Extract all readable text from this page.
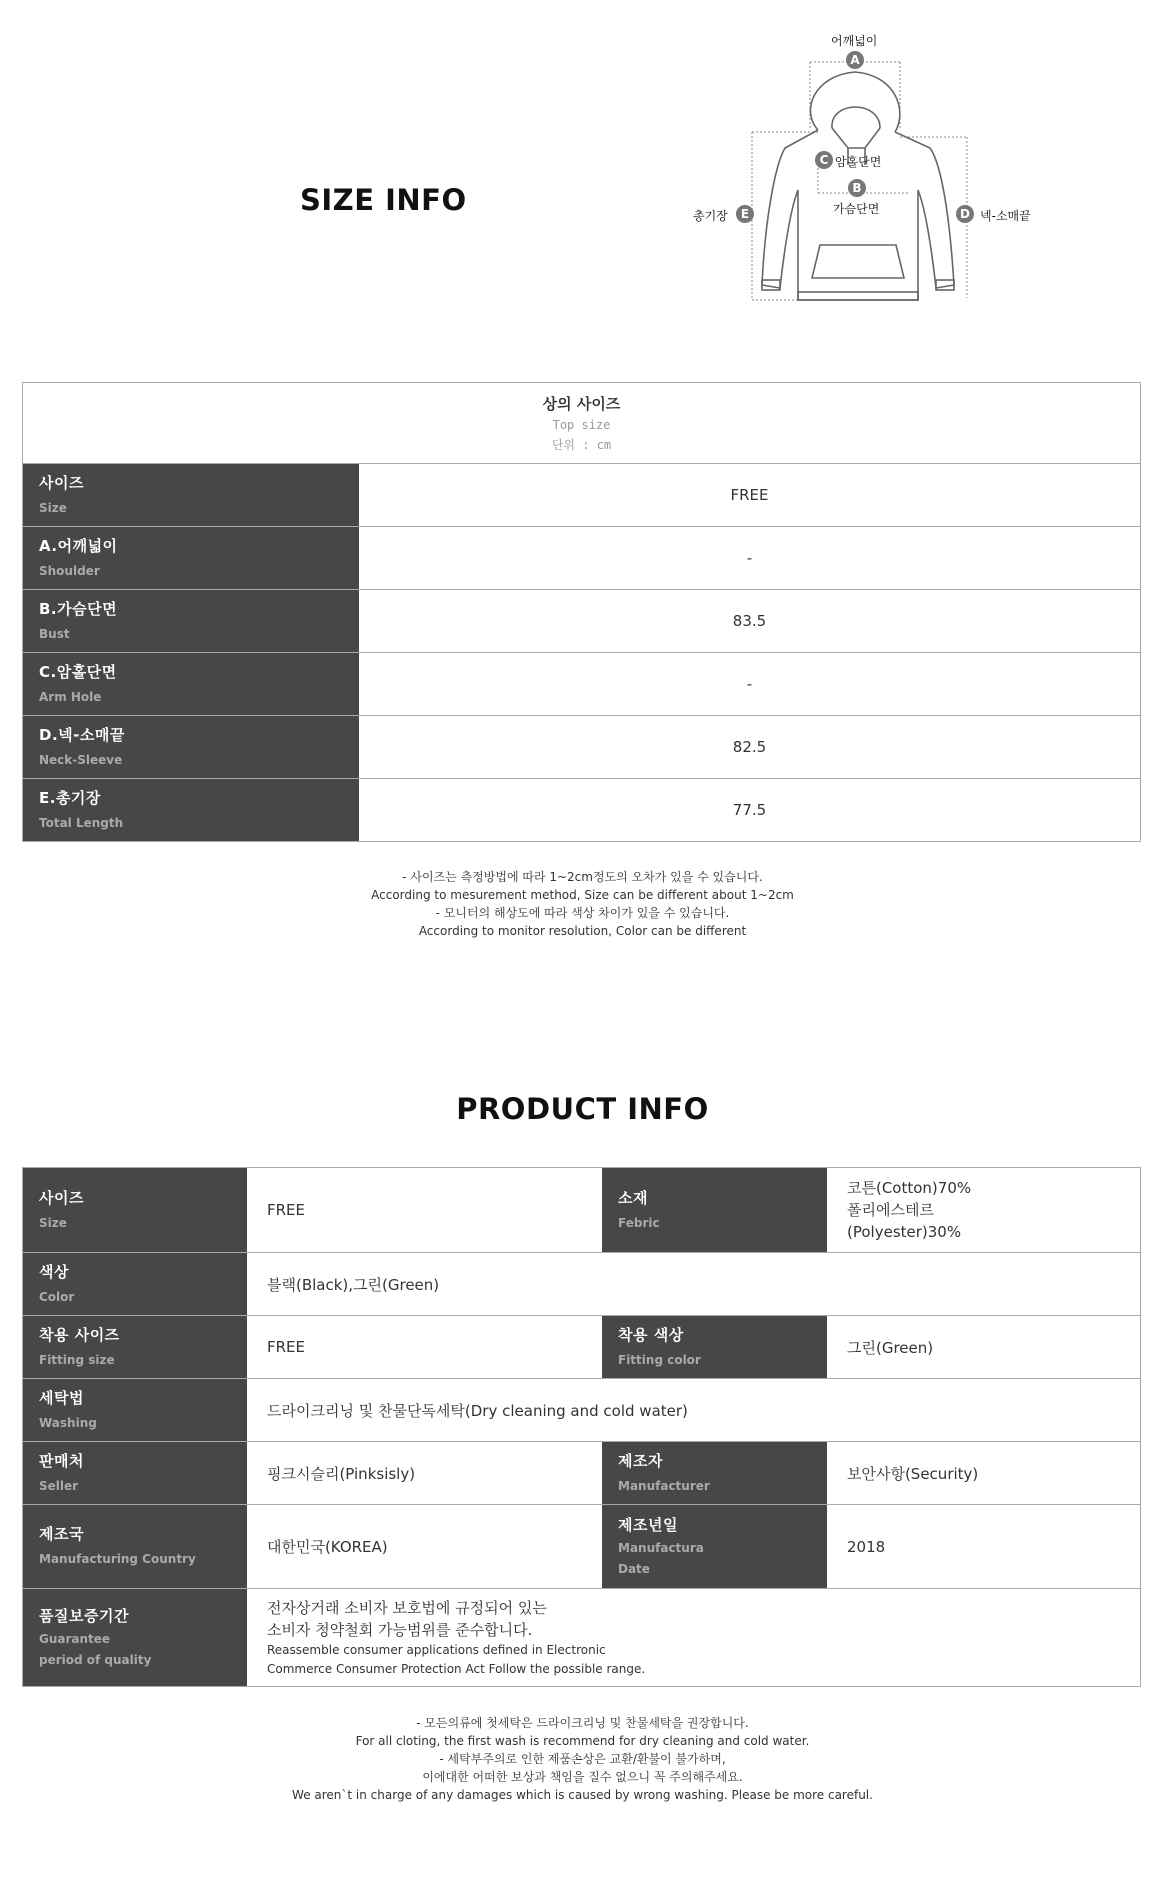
SIZE INFO
어깨넓이
A
C 암홀단면
B
가슴단면
총기장	E	D 넥-소매끝
상의 사이즈
Top size
단위 : cm
사이즈
Size
FREE
A.어깨넓이
Shoulder
-
B.가슴단면
Bust
83.5
C.암홀단면
Arm Hole
-
D.넥-소매끝
Neck-Sleeve
82.5
E.총기장
Total Length
77.5
- 사이즈는 측정방법에 따라 1~2cm정도의 오차가 있을 수 있습니다.
According to mesurement method, Size can be different about 1~2cm
- 모니터의 해상도에 따라 색상 차이가 있을 수 있습니다.
According to monitor resolution, Color can be different
PRODUCT INFO
사이즈
Size
FREE
소재
Febric
코튼(Cotton)70%
폴리에스테르
(Polyester)30%
색상
Color
블랙(Black),그린(Green)
착용 사이즈
Fitting size
FREE
착용 색상
Fitting color
그린(Green)
세탁법
Washing
드라이크리닝 및 찬물단독세탁(Dry cleaning and cold water)
판매처
Seller
핑크시슬리(Pinksisly)
제조자
Manufacturer
보안사항(Security)
제조국
Manufacturing Country
대한민국(KOREA)
제조년일
Manufactura
Date
2018
품질보증기간
Guarantee
period of quality
전자상거래 소비자 보호법에 규정되어 있는
소비자 청약철회 가능범위를 준수합니다.
Reassemble consumer applications defined in Electronic
Commerce Consumer Protection Act Follow the possible range.
- 모든의류에 첫세탁은 드라이크리닝 및 찬물세탁을 권장합니다.
For all cloting, the first wash is recommend for dry cleaning and cold water.
- 세탁부주의로 인한 제품손상은 교환/환불이 불가하며,
이에대한 어떠한 보상과 책임을 질수 없으니 꼭 주의해주세요.
We aren`t in charge of any damages which is caused by wrong washing. Please be more careful.
